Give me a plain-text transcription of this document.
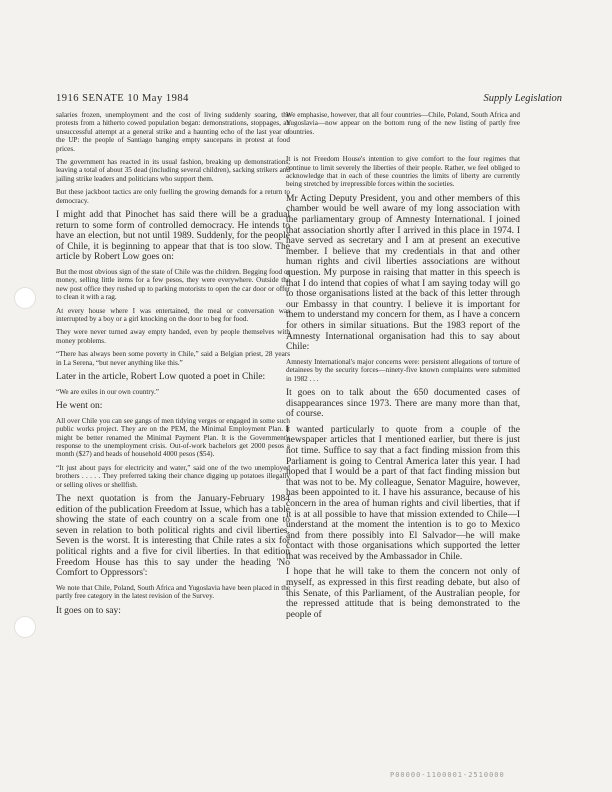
1916 SENATE 10 May 1984	Supply Legislation

salaries frozen, unemployment and the cost of living suddenly soaring, the protests from a hitherto cowed population began: demonstrations, stoppages, an unsuccessful attempt at a general strike and a haunting echo of the last year of the UP: the people of Santiago banging empty saucepans in protest at food prices.

The government has reacted in its usual fashion, breaking up demonstrations, leaving a total of about 35 dead (including several children), sacking strikers and jailing strike leaders and politicians who support them.

But these jackboot tactics are only fuelling the growing demands for a return to democracy.

I might add that Pinochet has said there will be a gradual return to some form of controlled democracy. He intends to have an election, but not until 1989. Suddenly, for the people of Chile, it is beginning to appear that that is too slow. The article by Robert Low goes on:

But the most obvious sign of the state of Chile was the children. Begging food or money, selling little items for a few pesos, they were everywhere. Outside the new post office they rushed up to parking motorists to open the car door or offer to clean it with a rag.

At every house where I was entertained, the meal or conversation was interrupted by a boy or a girl knocking on the door to beg for food.

They were never turned away empty handed, even by people themselves with money problems.

“There has always been some poverty in Chile,” said a Belgian priest, 28 years in La Serena, “but never anything like this.”

Later in the article, Robert Low quoted a poet in Chile:

“We are exiles in our own country.”

He went on:

All over Chile you can see gangs of men tidying verges or engaged in some such public works project. They are on the PEM, the Minimal Employment Plan. It might be better renamed the Minimal Payment Plan. It is the Government's response to the unemployment crisis. Out-of-work bachelors get 2000 pesos a month ($27) and heads of household 4000 pesos ($54).

“It just about pays for electricity and water,” said one of the two unemployed brothers . . . . . They preferred taking their chance digging up potatoes illegally or selling olives or shellfish.

The next quotation is from the January-February 1984 edition of the publication Freedom at Issue, which has a table showing the state of each country on a scale from one to seven in relation to both political rights and civil liberties. Seven is the worst. It is interesting that Chile rates a six for political rights and a five for civil liberties. In that edition Freedom House has this to say under the heading 'No Comfort to Oppressors':

We note that Chile, Poland, South Africa and Yugoslavia have been placed in the partly free category in the latest revision of the Survey.

It goes on to say:

We emphasise, however, that all four countries—Chile, Poland, South Africa and Yugoslavia—now appear on the bottom rung of the new listing of partly free countries.

It is not Freedom House's intention to give comfort to the four regimes that continue to limit severely the liberties of their people. Rather, we feel obliged to acknowledge that in each of these countries the limits of liberty are currently being stretched by irrepressible forces within the societies.

Mr Acting Deputy President, you and other members of this chamber would be well aware of my long association with the parliamentary group of Amnesty International. I joined that association shortly after I arrived in this place in 1974. I have served as secretary and I am at present an executive member. I believe that my credentials in that and other human rights and civil liberties associations are without question. My purpose in raising that matter in this speech is that I do intend that copies of what I am saying today will go to those organisations listed at the back of this letter through our Embassy in that country. I believe it is important for them to understand my concern for them, as I have a concern for others in similar situations. But the 1983 report of the Amnesty International organisation had this to say about Chile:

Amnesty International's major concerns were: persistent allegations of torture of detainees by the security forces—ninety-five known complaints were submitted in 1982 . . .

It goes on to talk about the 650 documented cases of disappearances since 1973. There are many more than that, of course.

I wanted particularly to quote from a couple of the newspaper articles that I mentioned earlier, but there is just not time. Suffice to say that a fact finding mission from this Parliament is going to Central America later this year. I had hoped that I would be a part of that fact finding mission but that was not to be. My colleague, Senator Maguire, however, has been appointed to it. I have his assurance, because of his concern in the area of human rights and civil liberties, that if it is at all possible to have that mission extended to Chile—I understand at the moment the intention is to go to Mexico and from there possibly into El Salvador—he will make contact with those organisations which supported the letter that was received by the Ambassador in Chile.

I hope that he will take to them the concern not only of myself, as expressed in this first reading debate, but also of this Senate, of this Parliament, of the Australian people, for the repressed attitude that is being demonstrated to the people of

P00000-1100001-2510000
